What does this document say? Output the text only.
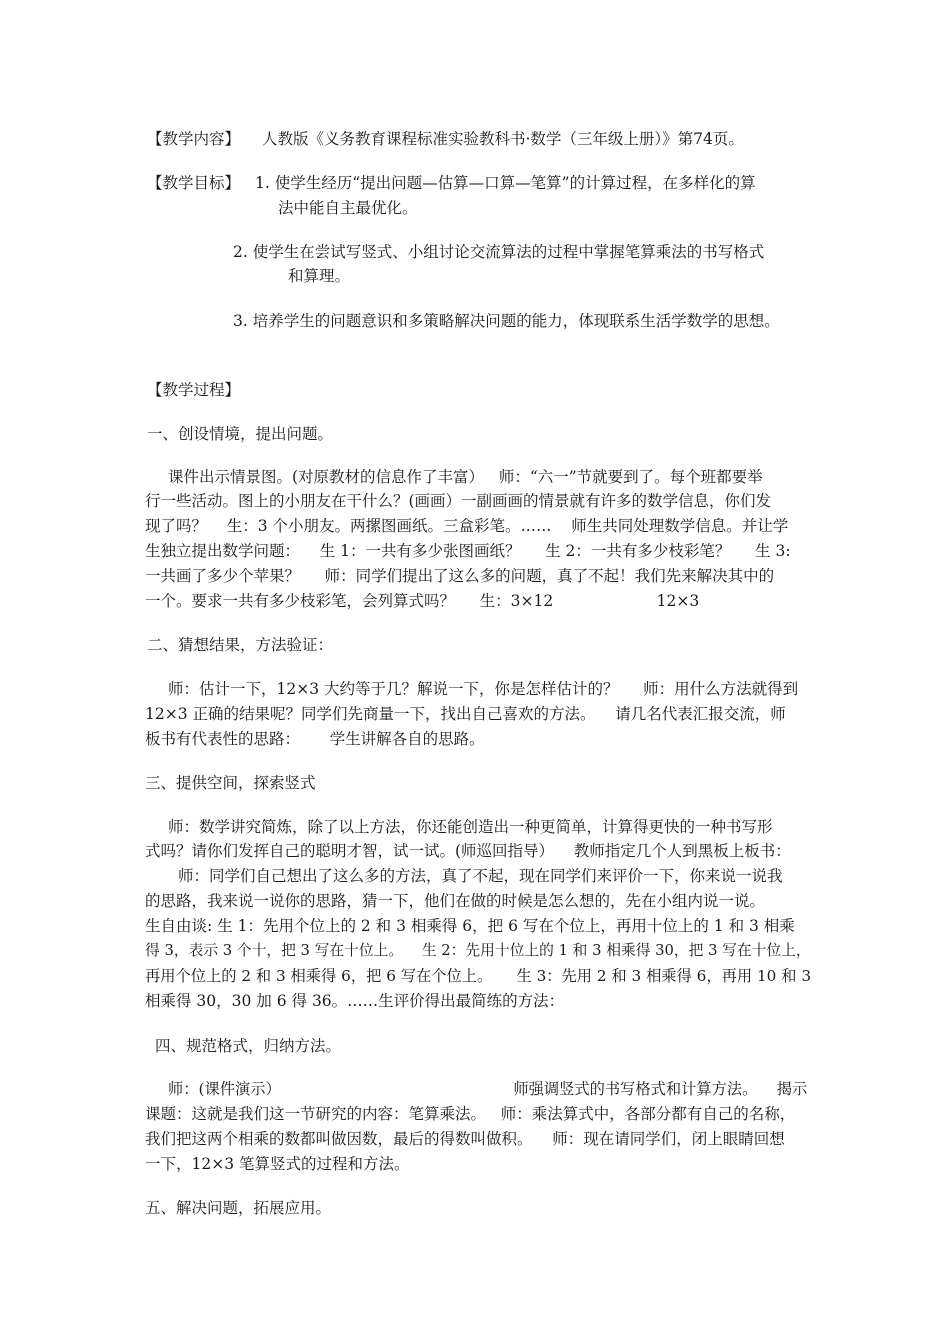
【教学内容】 人教版《义务教育课程标准实验教科书·数学（三年级上册）》第74页。
【教学目标】 1. 使学生经历“提出问题—估算—口算—笔算”的计算过程，在多样化的算
法中能自主最优化。
2. 使学生在尝试写竖式、小组讨论交流算法的过程中掌握笔算乘法的书写格式
和算理。
3. 培养学生的问题意识和多策略解决问题的能力，体现联系生活学数学的思想。
【教学过程】
一、创设情境，提出问题。
课件出示情景图。(对原教材的信息作了丰富）   师：“六一”节就要到了。每个班都要举
行一些活动。图上的小朋友在干什么？(画画）一副画画的情景就有许多的数学信息，你们发
现了吗？    生：3 个小朋友。两摞图画纸。三盒彩笔。……    师生共同处理数学信息。并让学
生独立提出数学问题：    生 1：一共有多少张图画纸？     生 2：一共有多少枝彩笔？     生 3:
一共画了多少个苹果？     师：同学们提出了这么多的问题，真了不起！我们先来解决其中的
一个。要求一共有多少枝彩笔，会列算式吗？     生：3×12                     12×3
二、猜想结果，方法验证：
师：估计一下，12×3 大约等于几？解说一下，你是怎样估计的？     师：用什么方法就得到
12×3 正确的结果呢？同学们先商量一下，找出自己喜欢的方法。    请几名代表汇报交流，师
板书有代表性的思路：      学生讲解各自的思路。
三、提供空间，探索竖式
师：数学讲究简炼，除了以上方法，你还能创造出一种更简单，计算得更快的一种书写形
式吗？请你们发挥自己的聪明才智，试一试。(师巡回指导）    教师指定几个人到黑板上板书：
师：同学们自己想出了这么多的方法，真了不起，现在同学们来评价一下，你来说一说我
的思路，我来说一说你的思路，猜一下，他们在做的时候是怎么想的，先在小组内说一说。
生自由谈: 生 1：先用个位上的 2 和 3 相乘得 6，把 6 写在个位上，再用十位上的 1 和 3 相乘
得 3，表示 3 个十，把 3 写在十位上。    生 2：先用十位上的 1 和 3 相乘得 30，把 3 写在十位上，
再用个位上的 2 和 3 相乘得 6，把 6 写在个位上。     生 3：先用 2 和 3 相乘得 6，再用 10 和 3
相乘得 30，30 加 6 得 36。……生评价得出最简练的方法：
四、规范格式，归纳方法。
师：(课件演示）                                                师强调竖式的书写格式和计算方法。    揭示
课题：这就是我们这一节研究的内容：笔算乘法。   师：乘法算式中，各部分都有自己的名称，
我们把这两个相乘的数都叫做因数，最后的得数叫做积。    师：现在请同学们，闭上眼睛回想
一下，12×3 笔算竖式的过程和方法。
五、解决问题，拓展应用。
